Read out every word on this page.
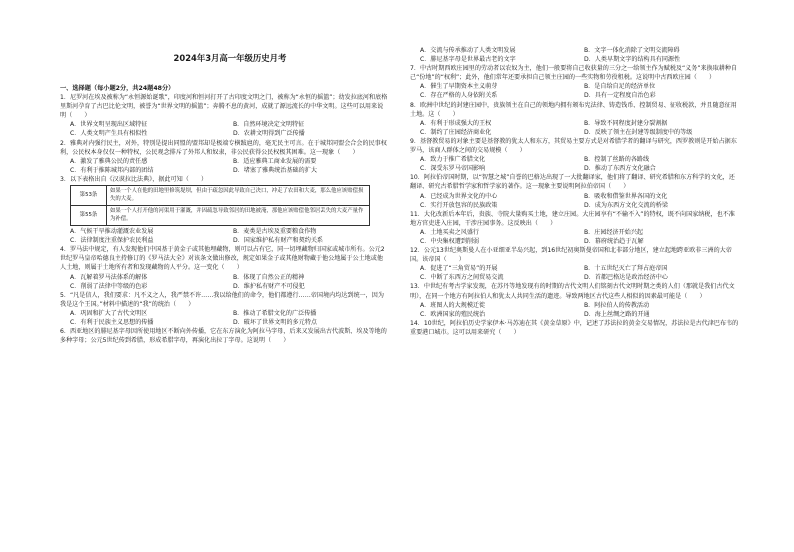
2024年3月高一年级历史月考
一、选择题（每小题2分，共24题48分）
1．尼罗河在埃及被称为“永恒源始诞歌”，印度河和恒河打开了古印度文明之门，被称为“永恒的摇篮”；幼发拉底河和底格里斯河孕育了古巴比伦文明，被誉为“世界文明的摇篮”；奔腾不息的黄河，成就了源远流长的中华文明。这些可以用来说明（　　）
A．世界文明呈现出区域特征	B．自然环境决定文明特征
C．人类文明产生具有相似性	D．农耕文明得到广泛传播
2．雅典对内强行民主，对外，特别是提出同盟的盟邦却是极端专横跋扈的，毫无民主可言。在于城邦同盟会合会的民事权利，公民权本身仅仅一种特权，公民观念排斥了外邦人和奴隶，非公民获得公民权极其困难。这一现象（　　）
A．激发了雅典公民的责任感	B．适应雅典工商业发展的需要
C．有利于推陈城邦内部的团结	D．堵塞了雅典统治基础的扩大
3．以下表格出自《汉谟拉比法典》，据此可知（　　）
第53条	如果一个人在他的田地里修筑堤坝，但由于疏忽因此导致自己决口，冲走了农田和大麦，那么他应该赔偿损失的大麦。
第55条	如果一个人打开他的河渠用于灌溉，并因疏忽导致邻居的田地被淹，那他应该赔偿他邻居丢失的大麦产量作为补偿。
A．气候干旱推动灌溉农业发展	B．麦类是古埃及重要粮食作物
C．法律制度注重保护农民利益	D．国家维护私有财产和契约关系
4．罗马法中规定，有人发现他们中国基于黄金子或其他埋藏物，则可以占有它，同一切埋藏物归国家或城市所有。公元2世纪罗马皇帝哈德良主持修订的《罗马法大全》对该条文做出修改，规定如果金子或其他财物藏于他公地属于公土地或他人土地，则属于土地所有者和发现藏物的人平分。这一变化（　　）
A．瓦解着罗马法体系的解体	B．体现了自然公正的精神
C．削弱了法律中等级的色彩	D．维护私有财产不可侵犯
5．“凡是信人，我们要求：凡不义之人，我严禁不许……我以给他们的命令，他们都遵行……帝国境内均达到统一，因为我是这个王国。”材料中描述的“我”的统治（　　）
A．巩固和扩大了古代文明区	B．推动了希腊文化的广泛传播
C．有利于民族主义思想的传播	D．破坏了世界文明的多元特点
6．西亚地区的腓尼基字母因所使用地区不断向外传播，它在东方演化为阿拉马字母，后来又发展出古代波斯、埃及等地的多种字母；公元5世纪传到希腊，形成希腊字母，再演化出拉丁字母。这说明（　　）
A．交流与传承推动了人类文明发展	B．文字一体化消除了文明交流障碍
C．腓尼基字母是世界最古老的文字	D．人类早期文字的结构具有同源性
7．中古时期西欧庄园里的劳动者以农奴为主，他们一般要将自己收获量的三分之一给领主作为赋税及“义务”来换取耕种自己“份地”的“权利”；此外，他们常年还要承担自己领主庄园的一些实物和劳役租税。这说明中古西欧庄园（　　）
A．催生了早期资本主义萌芽	B．是自给自足的经济单位
C．存在严格的人身依附关系	D．具有一定程度自治色彩
8．欧洲中世纪的封建庄园中，贵族领主在自己的领地内拥有颁布宪法律、铸造钱币、控制贸易、征收税款，并且随意征用土地。这（　　）
A．有利于形成强大的王权	B．导致不同程度封建分裂割据
C．制约了庄园经济商业化	D．反映了领主在封建等级制度中的等级
9．基督教贸易的对象主要是基督教的犹太人和东方，其贸易主要方式是对希腊学者的翻译与研究，西罗教则是开始占据东罗马，该商人群体之间的交易规模（　　）
A．致力于推广希腊文化	B．控制了丝路的各路线
C．深受东罗马帝国影响	D．推动了东西方文化融合
10．阿拉伯帝国时期，以“智慧之城”自誉的巴格达出现了一大批翻译家，他们将了翻译、研究希腊和东方科学的文化，还翻译、研究古希腊哲学家和哲学家的著作。这一现象主要说明阿拉伯帝国（　　）
A．已经成为世界文化的中心	B．吸收和借鉴世界各国的文化
C．实行开放包容的民族政策	D．成为东西方文化交流的桥梁
11．大化改新后本年后，贵族、寺院大量购买土地，建立庄园。大庄园享有“不输不入”的特权，既不向国家纳税，也不准地方官吏进入庄园，干涉庄园事务。这反映出（　　）
A．土地买卖之风盛行	B．庄园经济开始兴起
C．中央集权遭到削弱	D．幕府统治趋于瓦解
12．公元13世纪奥斯曼人在小亚细亚半岛兴起，到16世纪初奥斯曼帝国和北非部分地区，建立起地跨亚欧非三洲的大帝国。该帝国（　　）
A．促进了“三角贸易”的开展	B．十五世纪灭亡了拜占庭帝国
C．中断了东西方之间贸易交流	D．首都巴格达是政治经济中心
13．中世纪有考古学家发现，在苏丹等地发现有的时期的古代文明人们铭刻古代文明时期之类的人们（那就是我们古代文明），在同一个地方有阿拉伯人和犹太人共同生活的遗迹。导致两地区古代这些人相似的因素最可能是（　　）
A．班图人的大规模迁徙	B．阿拉伯人的传教活动
C．欧洲国家的殖民统治	D．海上丝绸之路的开通
14．10世纪，阿拉伯历史学家伊本·马苏迪在其《黄金草原》中，记述了苏法拉的黄金交易情况，苏法拉是古代津巴布韦的重要港口城市。这可以用来研究（　　）
